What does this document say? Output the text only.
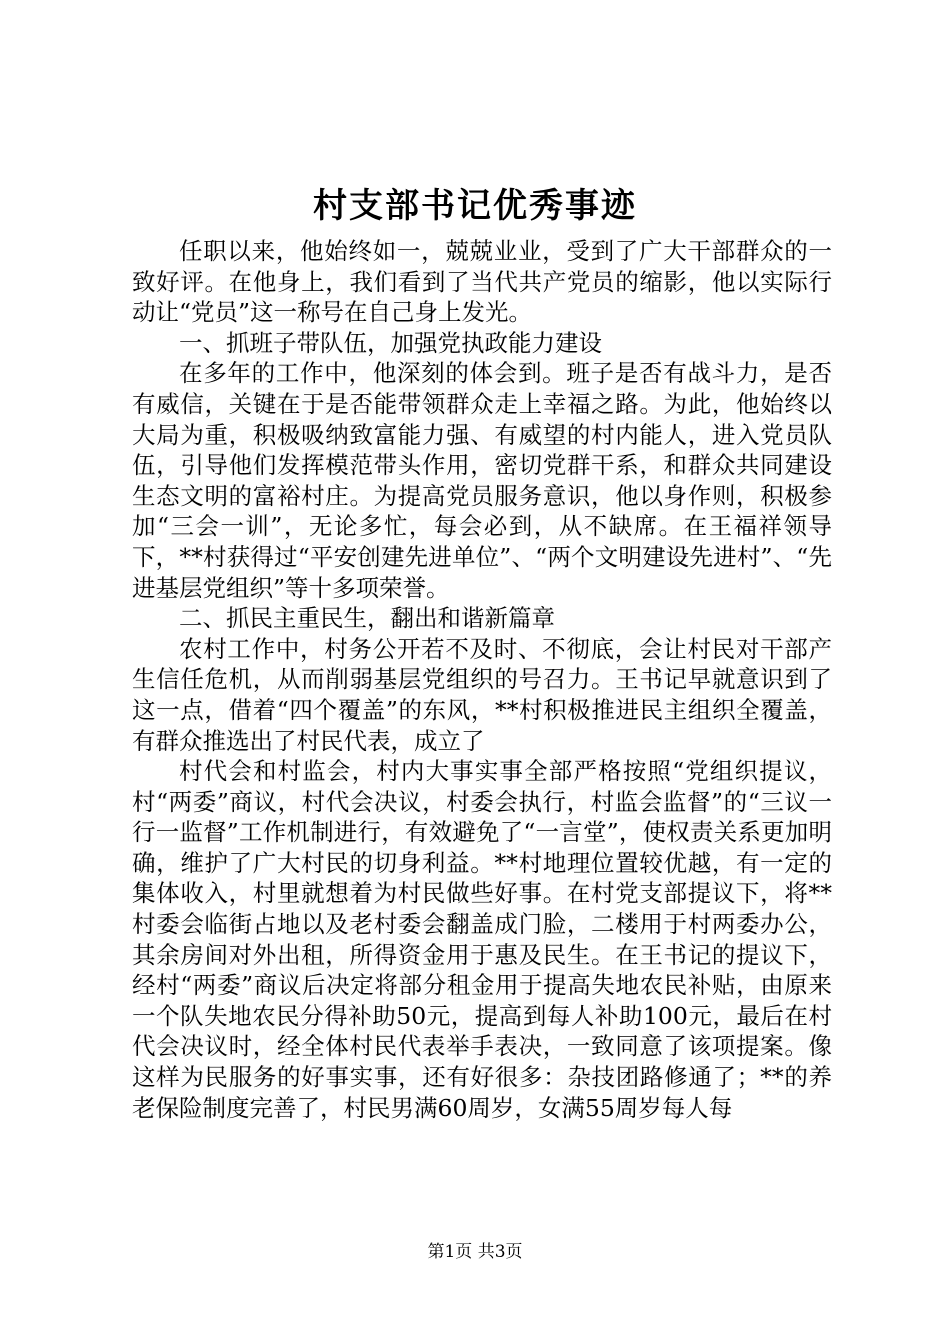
村支部书记优秀事迹

任职以来，他始终如一，兢兢业业，受到了广大干部群众的一致好评。在他身上，我们看到了当代共产党员的缩影，他以实际行动让“党员”这一称号在自己身上发光。

一、抓班子带队伍，加强党执政能力建设

在多年的工作中，他深刻的体会到。班子是否有战斗力，是否有威信，关键在于是否能带领群众走上幸福之路。为此，他始终以大局为重，积极吸纳致富能力强、有威望的村内能人，进入党员队伍，引导他们发挥模范带头作用，密切党群干系，和群众共同建设生态文明的富裕村庄。为提高党员服务意识，他以身作则，积极参加“三会一训”，无论多忙，每会必到，从不缺席。在王福祥领导下，**村获得过“平安创建先进单位”、“两个文明建设先进村”、“先进基层党组织”等十多项荣誉。

二、抓民主重民生，翻出和谐新篇章

农村工作中，村务公开若不及时、不彻底，会让村民对干部产生信任危机，从而削弱基层党组织的号召力。王书记早就意识到了这一点，借着“四个覆盖”的东风，**村积极推进民主组织全覆盖，有群众推选出了村民代表，成立了

村代会和村监会，村内大事实事全部严格按照“党组织提议，村“两委”商议，村代会决议，村委会执行，村监会监督”的“三议一行一监督”工作机制进行，有效避免了“一言堂”，使权责关系更加明确，维护了广大村民的切身利益。**村地理位置较优越，有一定的集体收入，村里就想着为村民做些好事。在村党支部提议下，将**村委会临街占地以及老村委会翻盖成门脸，二楼用于村两委办公，其余房间对外出租，所得资金用于惠及民生。在王书记的提议下，经村“两委”商议后决定将部分租金用于提高失地农民补贴，由原来一个队失地农民分得补助50元，提高到每人补助100元，最后在村代会决议时，经全体村民代表举手表决，一致同意了该项提案。像这样为民服务的好事实事，还有好很多：杂技团路修通了；**的养老保险制度完善了，村民男满60周岁，女满55周岁每人每

第1页 共3页
